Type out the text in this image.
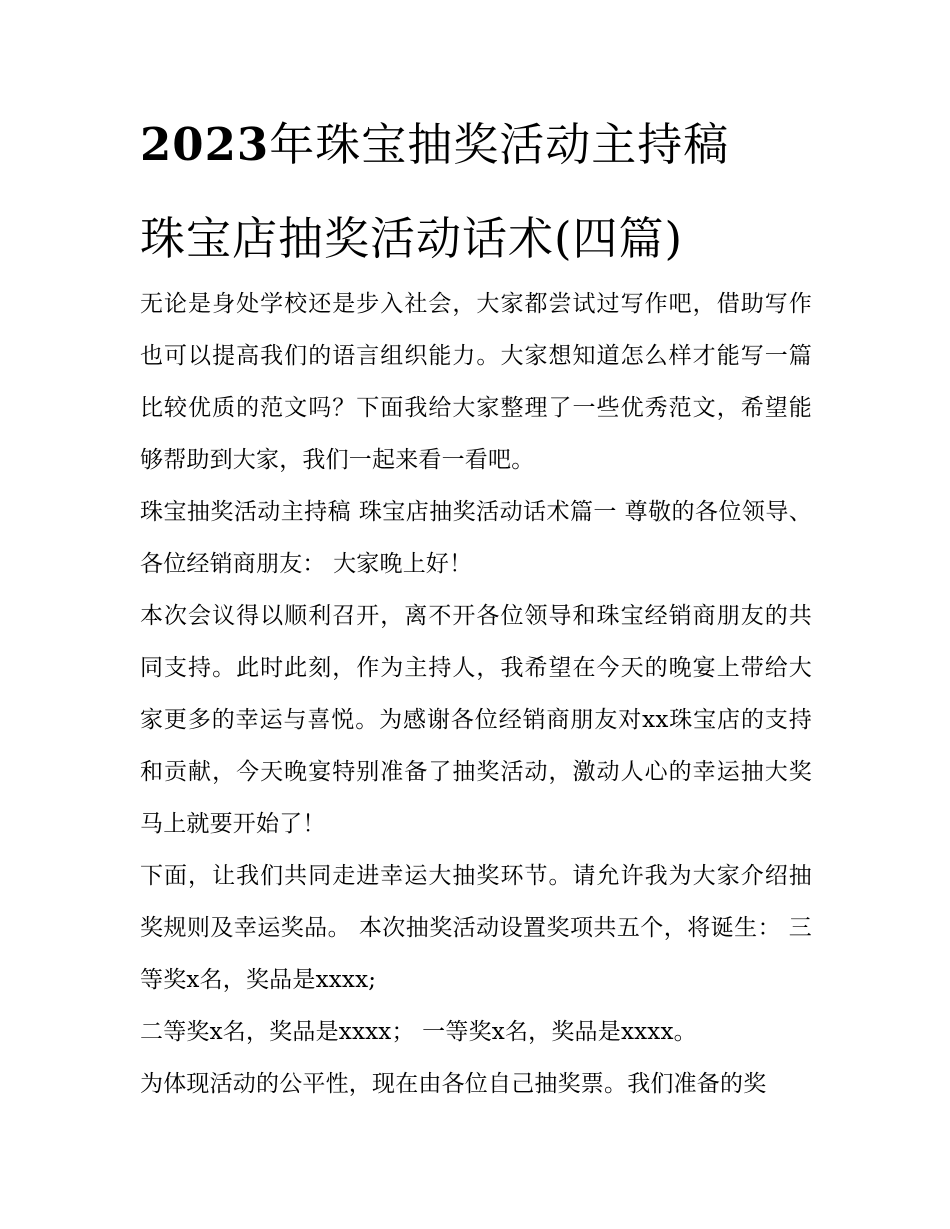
2023年珠宝抽奖活动主持稿
珠宝店抽奖活动话术(四篇)

无论是身处学校还是步入社会，大家都尝试过写作吧，借助写作也可以提高我们的语言组织能力。大家想知道怎么样才能写一篇比较优质的范文吗？下面我给大家整理了一些优秀范文，希望能够帮助到大家，我们一起来看一看吧。

珠宝抽奖活动主持稿 珠宝店抽奖活动话术篇一 尊敬的各位领导、各位经销商朋友： 大家晚上好！

本次会议得以顺利召开，离不开各位领导和珠宝经销商朋友的共同支持。此时此刻，作为主持人，我希望在今天的晚宴上带给大家更多的幸运与喜悦。为感谢各位经销商朋友对xx珠宝店的支持和贡献，今天晚宴特别准备了抽奖活动，激动人心的幸运抽大奖马上就要开始了！

下面，让我们共同走进幸运大抽奖环节。请允许我为大家介绍抽奖规则及幸运奖品。 本次抽奖活动设置奖项共五个，将诞生： 三等奖x名，奖品是xxxx;

二等奖x名，奖品是xxxx； 一等奖x名，奖品是xxxx。

为体现活动的公平性，现在由各位自己抽奖票。我们准备的奖
